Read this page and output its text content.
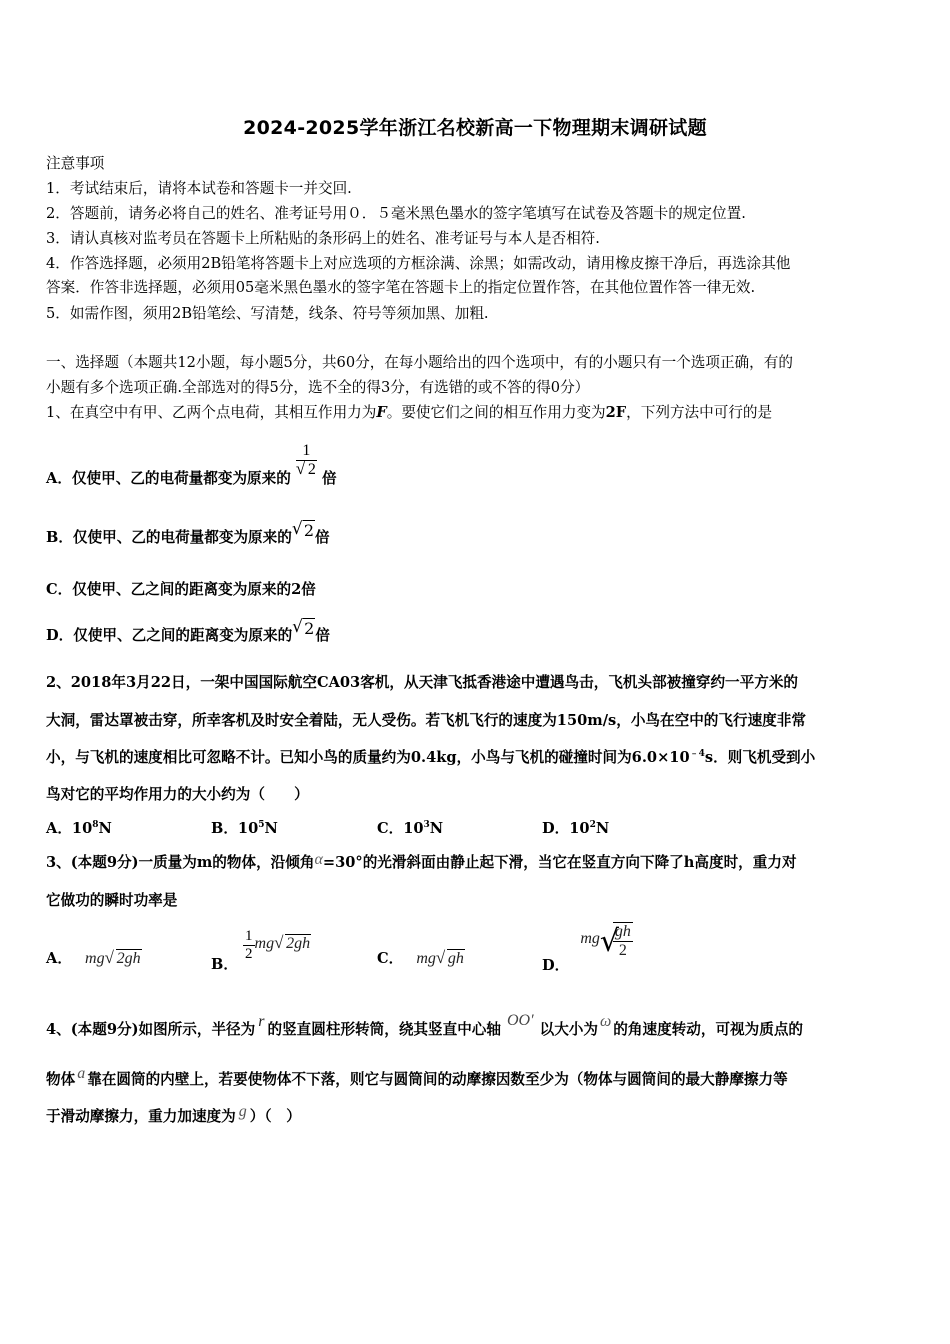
2024-2025学年浙江名校新高一下物理期末调研试题
注意事项
1．考试结束后，请将本试卷和答题卡一并交回.
2．答题前，请务必将自己的姓名、准考证号用０．５毫米黑色墨水的签字笔填写在试卷及答题卡的规定位置.
3．请认真核对监考员在答题卡上所粘贴的条形码上的姓名、准考证号与本人是否相符.
4．作答选择题，必须用2B铅笔将答题卡上对应选项的方框涂满、涂黑；如需改动，请用橡皮擦干净后，再选涂其他
答案．作答非选择题，必须用05毫米黑色墨水的签字笔在答题卡上的指定位置作答，在其他位置作答一律无效.
5．如需作图，须用2B铅笔绘、写清楚，线条、符号等须加黑、加粗.
一、选择题（本题共12小题，每小题5分，共60分，在每小题给出的四个选项中，有的小题只有一个选项正确，有的
小题有多个选项正确.全部选对的得5分，选不全的得3分，有选错的或不答的得0分）
1、在真空中有甲、乙两个点电荷，其相互作用力为F。要使它们之间的相互作用力变为2F，下列方法中可行的是
A．仅使甲、乙的电荷量都变为原来的 $\frac{1}{√ 2}$ 倍
B．仅使甲、乙的电荷量都变为原来的 √ 2倍
C．仅使甲、乙之间的距离变为原来的2倍
D．仅使甲、乙之间的距离变为原来的 √ 2倍
2、2018年3月22日，一架中国国际航空CA03客机，从天津飞抵香港途中遭遇鸟击，飞机头部被撞穿约一平方米的
大洞，雷达罩被击穿，所幸客机及时安全着陆，无人受伤。若飞机飞行的速度为150m/s，小鸟在空中的飞行速度非常
小，与飞机的速度相比可忽略不计。已知小鸟的质量约为0.4kg，小鸟与飞机的碰撞时间为$6.0\times 10^{﹣4}s$．则飞机受到小
鸟对它的平均作用力的大小约为（　　）
A．$10^8N$	B．$10^5N$	C．$10^3N$	D．$10^2N$
3、(本题9分)一质量为m的物体，沿倾角α=30°的光滑斜面由静止起下滑，当它在竖直方向下降了h高度时，重力对
它做功的瞬时功率是
A． mg √ 2gh	B．
$\frac{1}{2}$ mg √ 2gh
C． mg √ gh	D． mg √
$\frac{gh}{2}$
4、(本题9分)如图所示，半径为 r 的竖直圆柱形转筒，绕其竖直中心轴OO′以大小为 ω 的角速度转动，可视为质点的
物体 a 靠在圆筒的内壁上，若要使物体不下落，则它与圆筒间的动摩擦因数至少为（物体与圆筒间的最大静摩擦力等
于滑动摩擦力，重力加速度为 g ）（　）
